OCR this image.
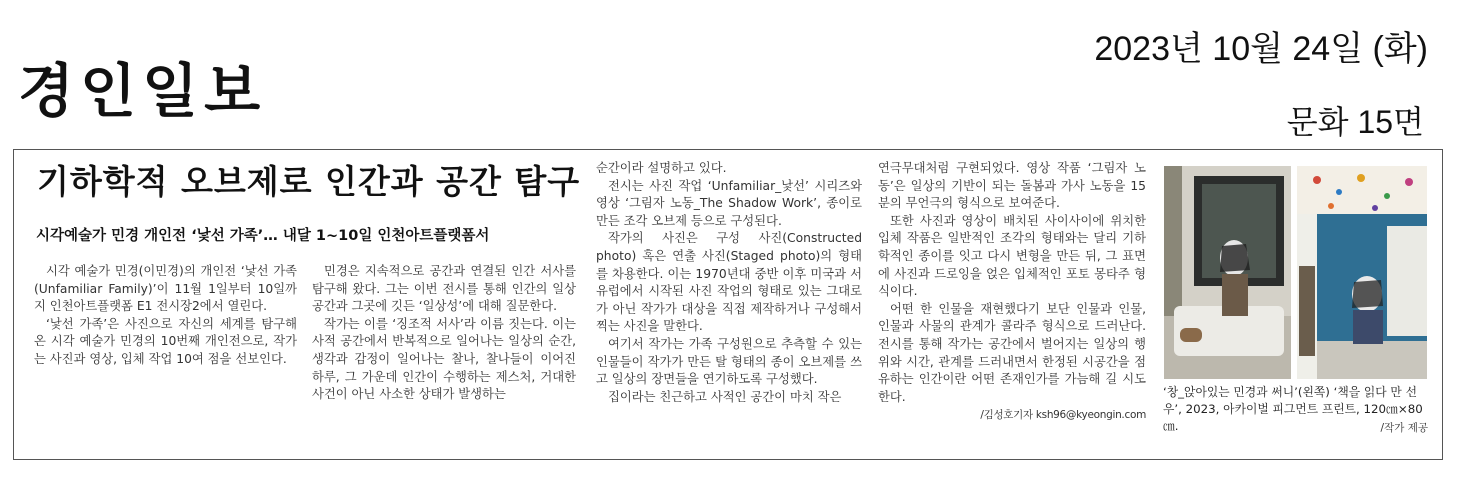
경인일보
2023년 10월 24일 (화)
문화 15면
기하학적 오브제로 인간과 공간 탐구
시각예술가 민경 개인전 ‘낯선 가족’… 내달 1~10일 인천아트플랫폼서

시각 예술가 민경(이민경)의 개인전 ‘낯선 가족(Unfamiliar Family)’이 11월 1일부터 10일까지 인천아트플랫폼 E1 전시장2에서 열린다.

‘낯선 가족’은 사진으로 자신의 세계를 탐구해 온 시각 예술가 민경의 10번째 개인전으로, 작가는 사진과 영상, 입체 작업 10여 점을 선보인다.

민경은 지속적으로 공간과 연결된 인간 서사를 탐구해 왔다. 그는 이번 전시를 통해 인간의 일상 공간과 그곳에 깃든 ‘일상성’에 대해 질문한다.

작가는 이를 ‘징조적 서사’라 이름 짓는다. 이는 사적 공간에서 반복적으로 일어나는 일상의 순간, 생각과 감정이 일어나는 찰나, 찰나들이 이어진 하루, 그 가운데 인간이 수행하는 제스처, 거대한 사건이 아닌 사소한 상태가 발생하는

순간이라 설명하고 있다.

전시는 사진 작업 ‘Unfamiliar_낯선’ 시리즈와 영상 ‘그림자 노동_The Shadow Work’, 종이로 만든 조각 오브제 등으로 구성된다.

작가의 사진은 구성 사진(Constructed photo) 혹은 연출 사진(Staged photo)의 형태를 차용한다. 이는 1970년대 중반 이후 미국과 서유럽에서 시작된 사진 작업의 형태로 있는 그대로가 아닌 작가가 대상을 직접 제작하거나 구성해서 찍는 사진을 말한다.

여기서 작가는 가족 구성원으로 추측할 수 있는 인물들이 작가가 만든 탈 형태의 종이 오브제를 쓰고 일상의 장면들을 연기하도록 구성했다.

집이라는 친근하고 사적인 공간이 마치 작은

연극무대처럼 구현되었다. 영상 작품 ‘그림자 노동’은 일상의 기반이 되는 돌봄과 가사 노동을 15분의 무언극의 형식으로 보여준다.

또한 사진과 영상이 배치된 사이사이에 위치한 입체 작품은 일반적인 조각의 형태와는 달리 기하학적인 종이를 잇고 다시 변형을 만든 뒤, 그 표면에 사진과 드로잉을 얹은 입체적인 포토 몽타주 형식이다.

어떤 한 인물을 재현했다기 보단 인물과 인물, 인물과 사물의 관계가 콜라주 형식으로 드러난다. 전시를 통해 작가는 공간에서 벌어지는 일상의 행위와 시간, 관계를 드러내면서 한정된 시공간을 점유하는 인간이란 어떤 존재인가를 가늠해 길 시도한다.

/김성호기자 ksh96@kyeongin.com

‘창_앉아있는 민경과 써니’(왼쪽) ‘책을 읽다 만 선우’, 2023, 아카이벌 피그먼트 프린트, 120㎝×80㎝.	/작가 제공
